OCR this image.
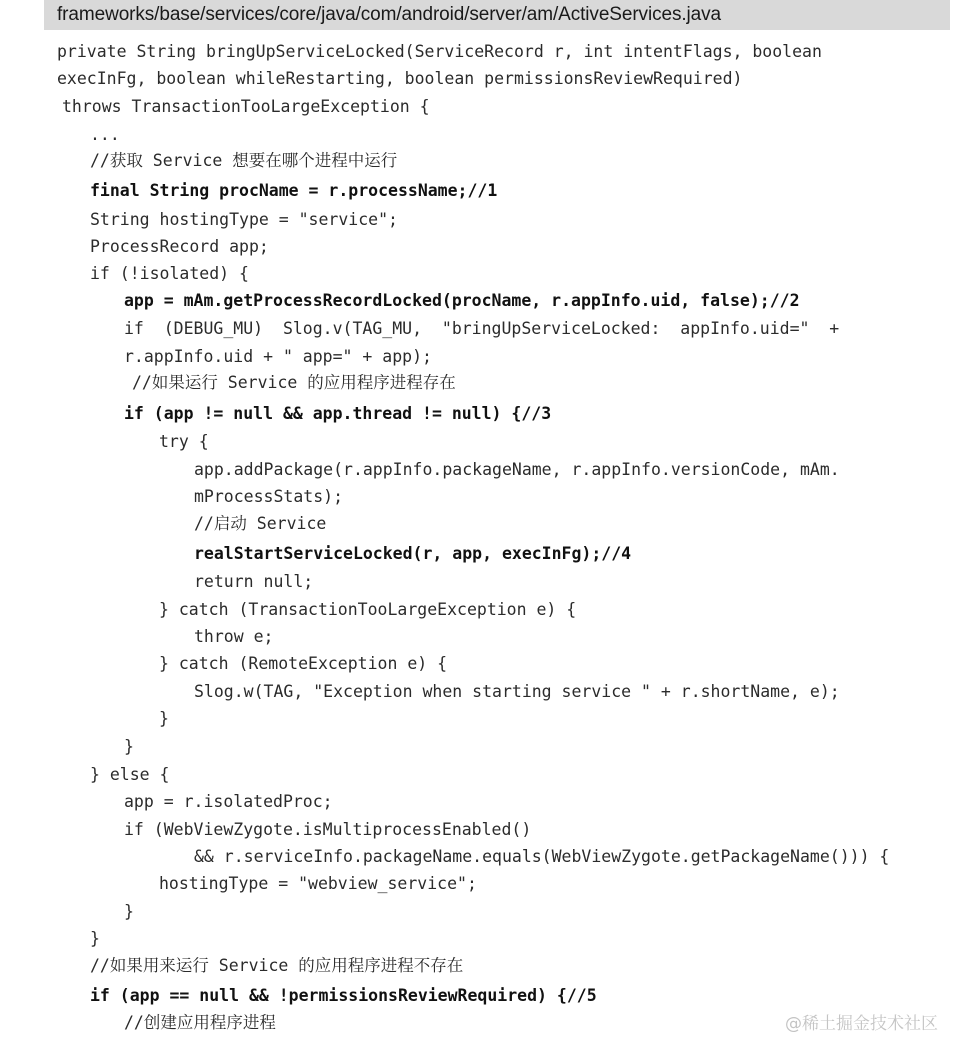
frameworks/base/services/core/java/com/android/server/am/ActiveServices.java
private String bringUpServiceLocked(ServiceRecord r, int intentFlags, boolean
execInFg, boolean whileRestarting, boolean permissionsReviewRequired)
throws TransactionTooLargeException {
...
//获取 Service 想要在哪个进程中运行
final String procName = r.processName;//1
String hostingType = "service";
ProcessRecord app;
if (!isolated) {
app = mAm.getProcessRecordLocked(procName, r.appInfo.uid, false);//2
if  (DEBUG_MU)  Slog.v(TAG_MU,  "bringUpServiceLocked:  appInfo.uid="  +
r.appInfo.uid + " app=" + app);
//如果运行 Service 的应用程序进程存在
if (app != null && app.thread != null) {//3
try {
app.addPackage(r.appInfo.packageName, r.appInfo.versionCode, mAm.
mProcessStats);
//启动 Service
realStartServiceLocked(r, app, execInFg);//4
return null;
} catch (TransactionTooLargeException e) {
throw e;
} catch (RemoteException e) {
Slog.w(TAG, "Exception when starting service " + r.shortName, e);
}
}
} else {
app = r.isolatedProc;
if (WebViewZygote.isMultiprocessEnabled()
&& r.serviceInfo.packageName.equals(WebViewZygote.getPackageName())) {
hostingType = "webview_service";
}
}
//如果用来运行 Service 的应用程序进程不存在
if (app == null && !permissionsReviewRequired) {//5
//创建应用程序进程	@稀土掘金技术社区
